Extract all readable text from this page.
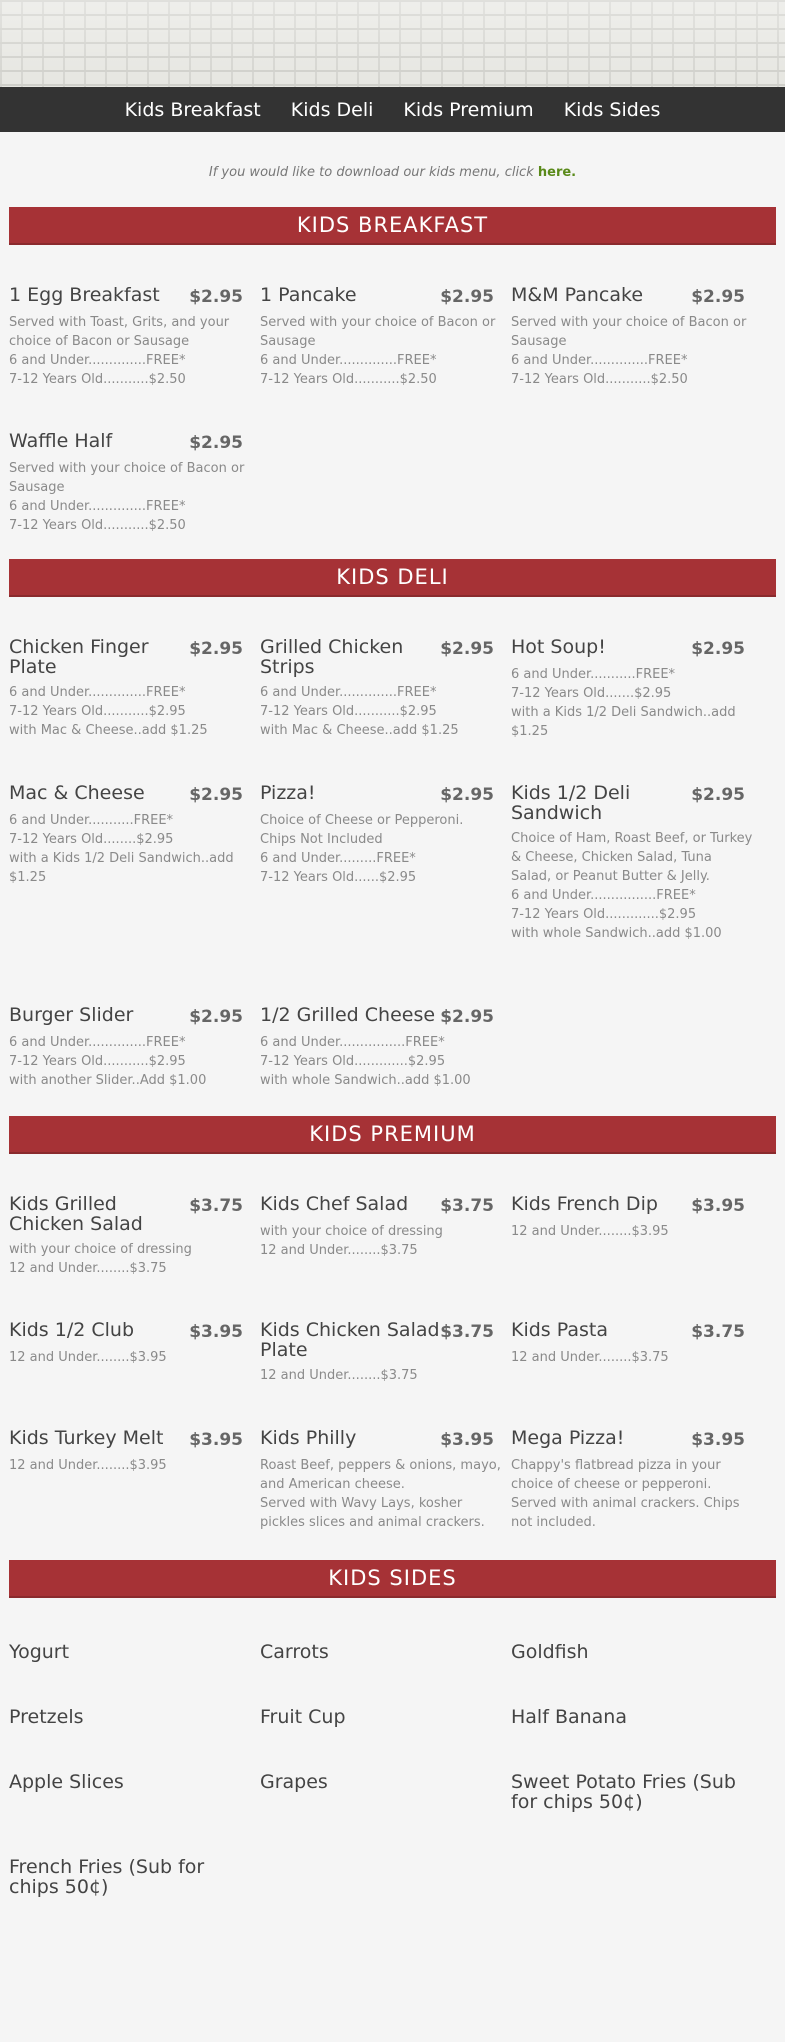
Kids Breakfast Kids Deli Kids Premium Kids Sides
If you would like to download our kids menu, click here.
KIDS BREAKFAST
1 Egg Breakfast	$2.95
Served with Toast, Grits, and your choice of Bacon or Sausage
6 and Under..............FREE*
7-12 Years Old...........$2.50
1 Pancake	$2.95
Served with your choice of Bacon or Sausage
6 and Under..............FREE*
7-12 Years Old...........$2.50
M&M Pancake	$2.95
Served with your choice of Bacon or Sausage
6 and Under..............FREE*
7-12 Years Old...........$2.50
Waffle Half	$2.95
Served with your choice of Bacon or Sausage
6 and Under..............FREE*
7-12 Years Old...........$2.50
KIDS DELI
Chicken Finger Plate
$2.95
6 and Under..............FREE*
7-12 Years Old...........$2.95
with Mac & Cheese..add $1.25
Grilled Chicken Strips
$2.95
6 and Under..............FREE*
7-12 Years Old...........$2.95
with Mac & Cheese..add $1.25
Hot Soup!	$2.95
6 and Under...........FREE*
7-12 Years Old.......$2.95
with a Kids 1/2 Deli Sandwich..add $1.25
Mac & Cheese	$2.95
6 and Under...........FREE*
7-12 Years Old........$2.95
with a Kids 1/2 Deli Sandwich..add $1.25
Pizza!	$2.95
Choice of Cheese or Pepperoni.
Chips Not Included
6 and Under.........FREE*
7-12 Years Old......$2.95
Kids 1/2 Deli Sandwich
$2.95
Choice of Ham, Roast Beef, or Turkey & Cheese, Chicken Salad, Tuna Salad, or Peanut Butter & Jelly.
6 and Under................FREE*
7-12 Years Old.............$2.95
with whole Sandwich..add $1.00
Burger Slider	$2.95
6 and Under..............FREE*
7-12 Years Old...........$2.95
with another Slider..Add $1.00
1/2 Grilled Cheese $2.95
6 and Under................FREE*
7-12 Years Old.............$2.95
with whole Sandwich..add $1.00
KIDS PREMIUM
Kids Grilled Chicken Salad
$3.75
with your choice of dressing
12 and Under........$3.75
Kids Chef Salad	$3.75
with your choice of dressing
12 and Under........$3.75
Kids French Dip	$3.95
12 and Under........$3.95
Kids 1/2 Club	$3.95
12 and Under........$3.95
Kids Chicken Salad Plate
$3.75
12 and Under........$3.75
Kids Pasta	$3.75
12 and Under........$3.75
Kids Turkey Melt	$3.95
12 and Under........$3.95
Kids Philly	$3.95
Roast Beef, peppers & onions, mayo, and American cheese.
Served with Wavy Lays, kosher pickles slices and animal crackers.
Mega Pizza!	$3.95
Chappy's flatbread pizza in your choice of cheese or pepperoni.
Served with animal crackers. Chips not included.
KIDS SIDES
Yogurt	Carrots	Goldfish
Pretzels	Fruit Cup	Half Banana
Apple Slices	Grapes	Sweet Potato Fries (Sub for chips 50¢)
French Fries (Sub for chips 50¢)
